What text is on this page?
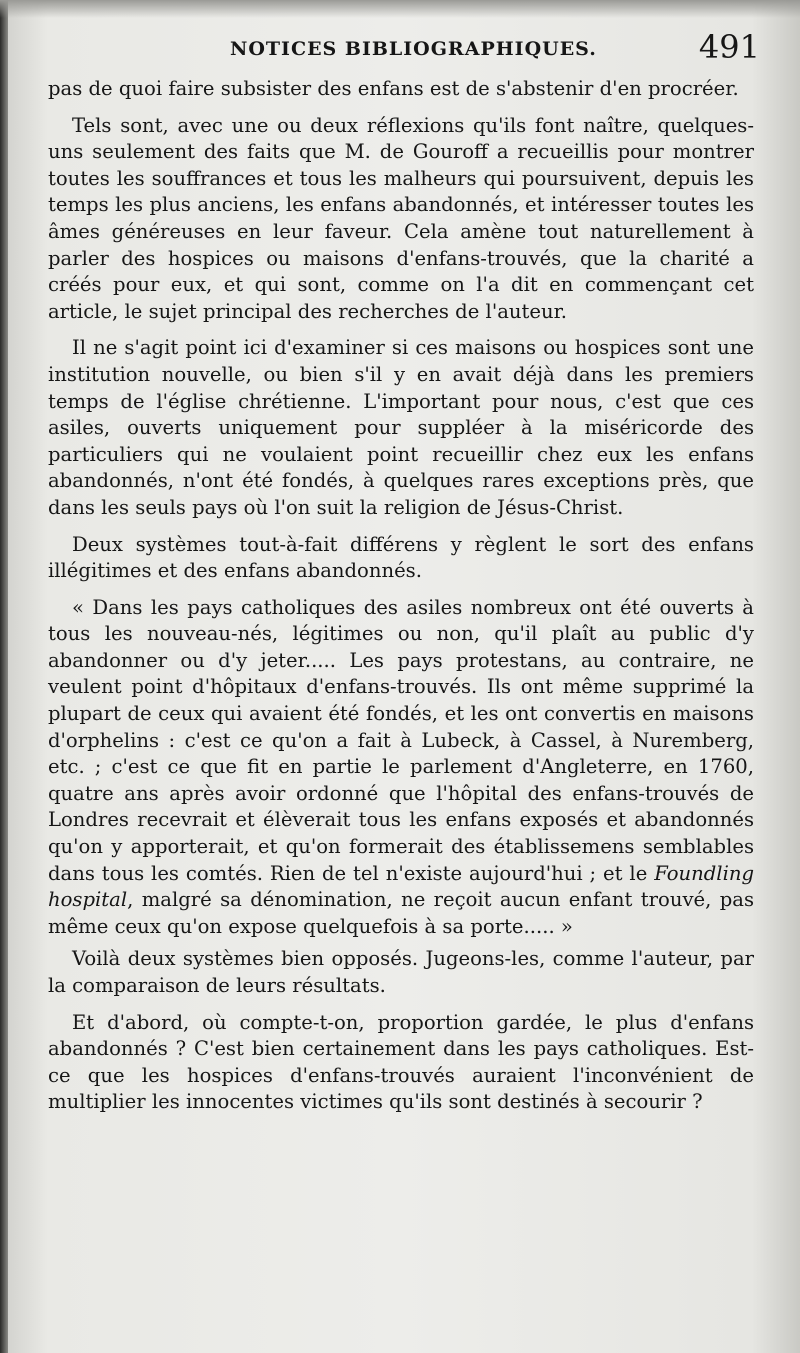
NOTICES BIBLIOGRAPHIQUES.	491

pas de quoi faire subsister des enfans est de s'abstenir d'en procréer.

Tels sont, avec une ou deux réflexions qu'ils font naître, quelques-uns seulement des faits que M. de Gouroff a recueillis pour montrer toutes les souffrances et tous les malheurs qui poursuivent, depuis les temps les plus anciens, les enfans abandonnés, et intéresser toutes les âmes généreuses en leur faveur. Cela amène tout naturellement à parler des hospices ou maisons d'enfans-trouvés, que la charité a créés pour eux, et qui sont, comme on l'a dit en commençant cet article, le sujet principal des recherches de l'auteur.

Il ne s'agit point ici d'examiner si ces maisons ou hospices sont une institution nouvelle, ou bien s'il y en avait déjà dans les premiers temps de l'église chrétienne. L'important pour nous, c'est que ces asiles, ouverts uniquement pour suppléer à la miséricorde des particuliers qui ne voulaient point recueillir chez eux les enfans abandonnés, n'ont été fondés, à quelques rares exceptions près, que dans les seuls pays où l'on suit la religion de Jésus-Christ.

Deux systèmes tout-à-fait différens y règlent le sort des enfans illégitimes et des enfans abandonnés.

« Dans les pays catholiques des asiles nombreux ont été ouverts à tous les nouveau-nés, légitimes ou non, qu'il plaît au public d'y abandonner ou d'y jeter..... Les pays protestans, au contraire, ne veulent point d'hôpitaux d'enfans-trouvés. Ils ont même supprimé la plupart de ceux qui avaient été fondés, et les ont convertis en maisons d'orphelins : c'est ce qu'on a fait à Lubeck, à Cassel, à Nuremberg, etc. ; c'est ce que fit en partie le parlement d'Angleterre, en 1760, quatre ans après avoir ordonné que l'hôpital des enfans-trouvés de Londres recevrait et élèverait tous les enfans exposés et abandonnés qu'on y apporterait, et qu'on formerait des établissemens semblables dans tous les comtés. Rien de tel n'existe aujourd'hui ; et le Foundling hospital, malgré sa dénomination, ne reçoit aucun enfant trouvé, pas même ceux qu'on expose quelquefois à sa porte..... »

Voilà deux systèmes bien opposés. Jugeons-les, comme l'auteur, par la comparaison de leurs résultats.

Et d'abord, où compte-t-on, proportion gardée, le plus d'enfans abandonnés ? C'est bien certainement dans les pays catholiques. Est-ce que les hospices d'enfans-trouvés auraient l'inconvénient de multiplier les innocentes victimes qu'ils sont destinés à secourir ?
